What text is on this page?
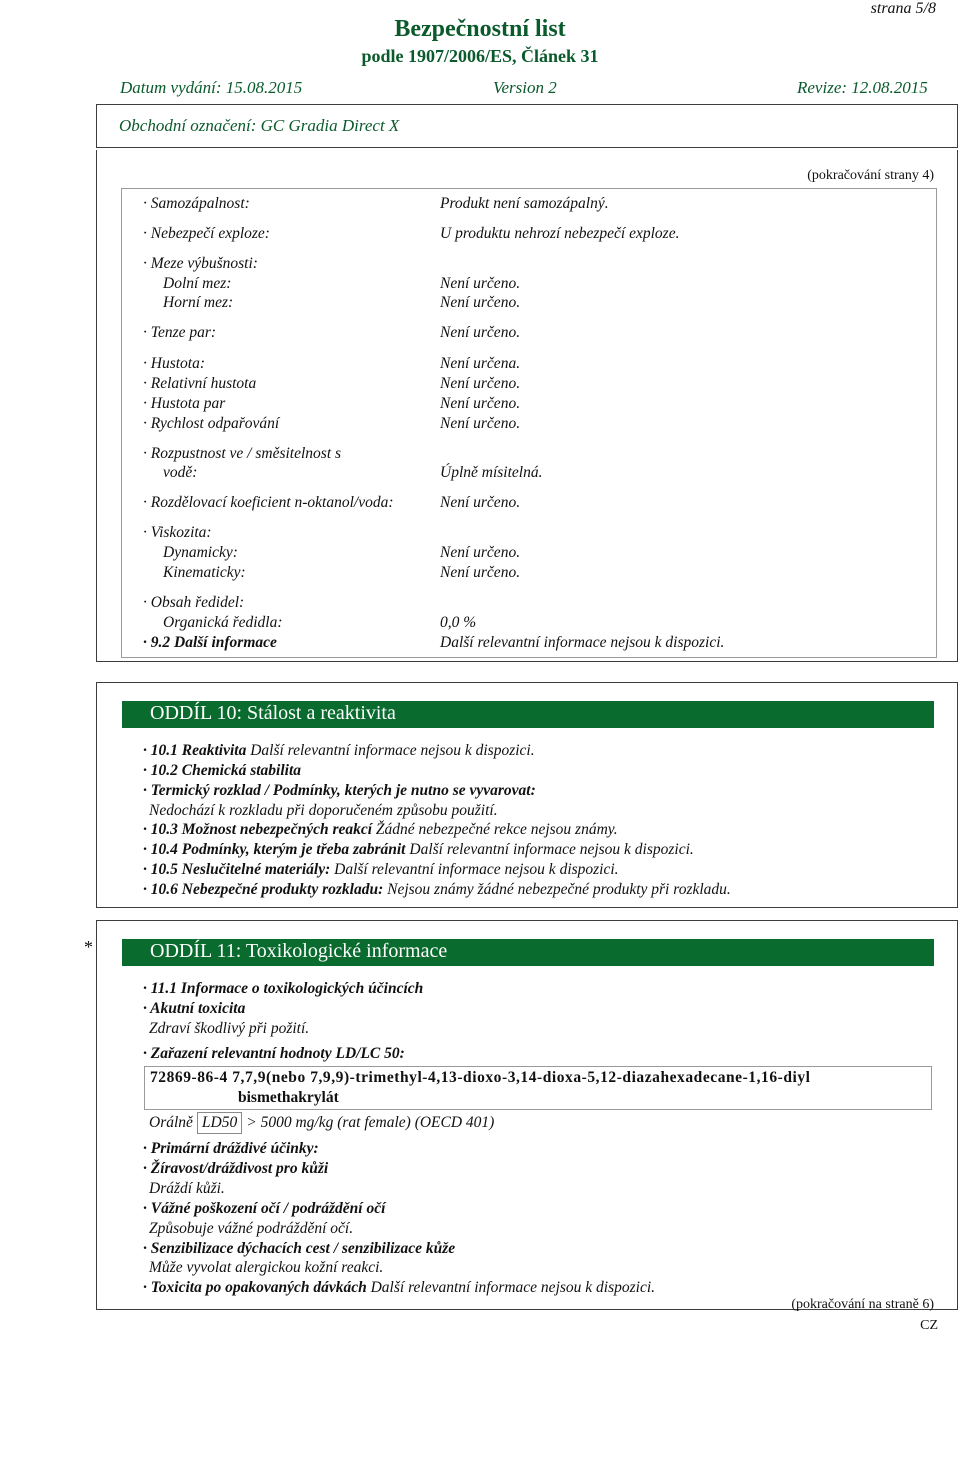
strana 5/8
Bezpečnostní list
podle 1907/2006/ES, Článek 31
Datum vydání: 15.08.2015	Version 2	Revize: 12.08.2015
Obchodní označení: GC Gradia Direct X
(pokračování strany 4)
· Samozápalnost:	Produkt není samozápalný.
· Nebezpečí exploze:	U produktu nehrozí nebezpečí exploze.
· Meze výbušnosti:
Dolní mez:	Není určeno.
Horní mez:	Není určeno.
· Tenze par:	Není určeno.
· Hustota:	Není určena.
· Relativní hustota	Není určeno.
· Hustota par	Není určeno.
· Rychlost odpařování	Není určeno.
· Rozpustnost ve / směsitelnost s
vodě:	Úplně mísitelná.
· Rozdělovací koeficient n-oktanol/voda:	Není určeno.
· Viskozita:
Dynamicky:	Není určeno.
Kinematicky:	Není určeno.
· Obsah ředidel:
Organická ředidla:	0,0 %
· 9.2 Další informace	Další relevantní informace nejsou k dispozici.
ODDÍL 10: Stálost a reaktivita
· 10.1 Reaktivita Další relevantní informace nejsou k dispozici.
· 10.2 Chemická stabilita
· Termický rozklad / Podmínky, kterých je nutno se vyvarovat:
Nedochází k rozkladu při doporučeném způsobu použití.
· 10.3 Možnost nebezpečných reakcí Žádné nebezpečné rekce nejsou známy.
· 10.4 Podmínky, kterým je třeba zabránit Další relevantní informace nejsou k dispozici.
· 10.5 Neslučitelné materiály: Další relevantní informace nejsou k dispozici.
· 10.6 Nebezpečné produkty rozkladu: Nejsou známy žádné nebezpečné produkty při rozkladu.
*	ODDÍL 11: Toxikologické informace
· 11.1 Informace o toxikologických účincích
· Akutní toxicita
Zdraví škodlivý při požití.
· Zařazení relevantní hodnoty LD/LC 50:
72869-86-4 7,7,9(nebo 7,9,9)-trimethyl-4,13-dioxo-3,14-dioxa-5,12-diazahexadecane-1,16-diyl
bismethakrylát
Orálně	LD50	> 5000 mg/kg (rat female) (OECD 401)
· Primární dráždivé účinky:
· Žíravost/dráždivost pro kůži
Dráždí kůži.
· Vážné poškození očí / podráždění očí
Způsobuje vážné podráždění očí.
· Senzibilizace dýchacích cest / senzibilizace kůže
Může vyvolat alergickou kožní reakci.
· Toxicita po opakovaných dávkách Další relevantní informace nejsou k dispozici.
(pokračování na straně 6)
CZ
